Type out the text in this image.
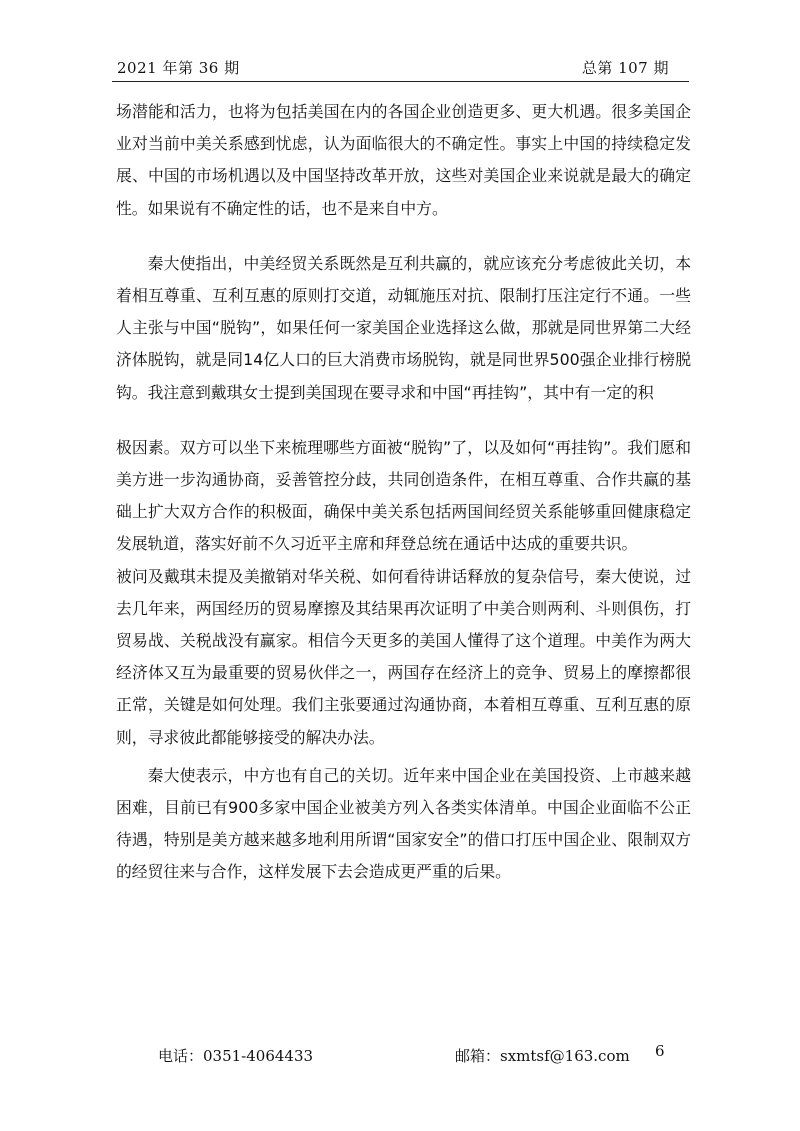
2021 年第 36 期	总第 107 期

场潜能和活力，也将为包括美国在内的各国企业创造更多、更大机遇。很多美国企业对当前中美关系感到忧虑，认为面临很大的不确定性。事实上中国的持续稳定发展、中国的市场机遇以及中国坚持改革开放，这些对美国企业来说就是最大的确定性。如果说有不确定性的话，也不是来自中方。

秦大使指出，中美经贸关系既然是互利共赢的，就应该充分考虑彼此关切，本着相互尊重、互利互惠的原则打交道，动辄施压对抗、限制打压注定行不通。一些人主张与中国“脱钩”，如果任何一家美国企业选择这么做，那就是同世界第二大经济体脱钩，就是同14亿人口的巨大消费市场脱钩，就是同世界500强企业排行榜脱钩。我注意到戴琪女士提到美国现在要寻求和中国“再挂钩”，其中有一定的积

极因素。双方可以坐下来梳理哪些方面被“脱钩”了，以及如何“再挂钩”。我们愿和美方进一步沟通协商，妥善管控分歧，共同创造条件，在相互尊重、合作共赢的基础上扩大双方合作的积极面，确保中美关系包括两国间经贸关系能够重回健康稳定发展轨道，落实好前不久习近平主席和拜登总统在通话中达成的重要共识。

被问及戴琪未提及美撤销对华关税、如何看待讲话释放的复杂信号，秦大使说，过去几年来，两国经历的贸易摩擦及其结果再次证明了中美合则两利、斗则俱伤，打贸易战、关税战没有赢家。相信今天更多的美国人懂得了这个道理。中美作为两大经济体又互为最重要的贸易伙伴之一，两国存在经济上的竞争、贸易上的摩擦都很正常，关键是如何处理。我们主张要通过沟通协商，本着相互尊重、互利互惠的原则，寻求彼此都能够接受的解决办法。

秦大使表示，中方也有自己的关切。近年来中国企业在美国投资、上市越来越困难，目前已有900多家中国企业被美方列入各类实体清单。中国企业面临不公正待遇，特别是美方越来越多地利用所谓“国家安全”的借口打压中国企业、限制双方的经贸往来与合作，这样发展下去会造成更严重的后果。

电话：0351-4064433	邮箱：sxmtsf@163.com 6
